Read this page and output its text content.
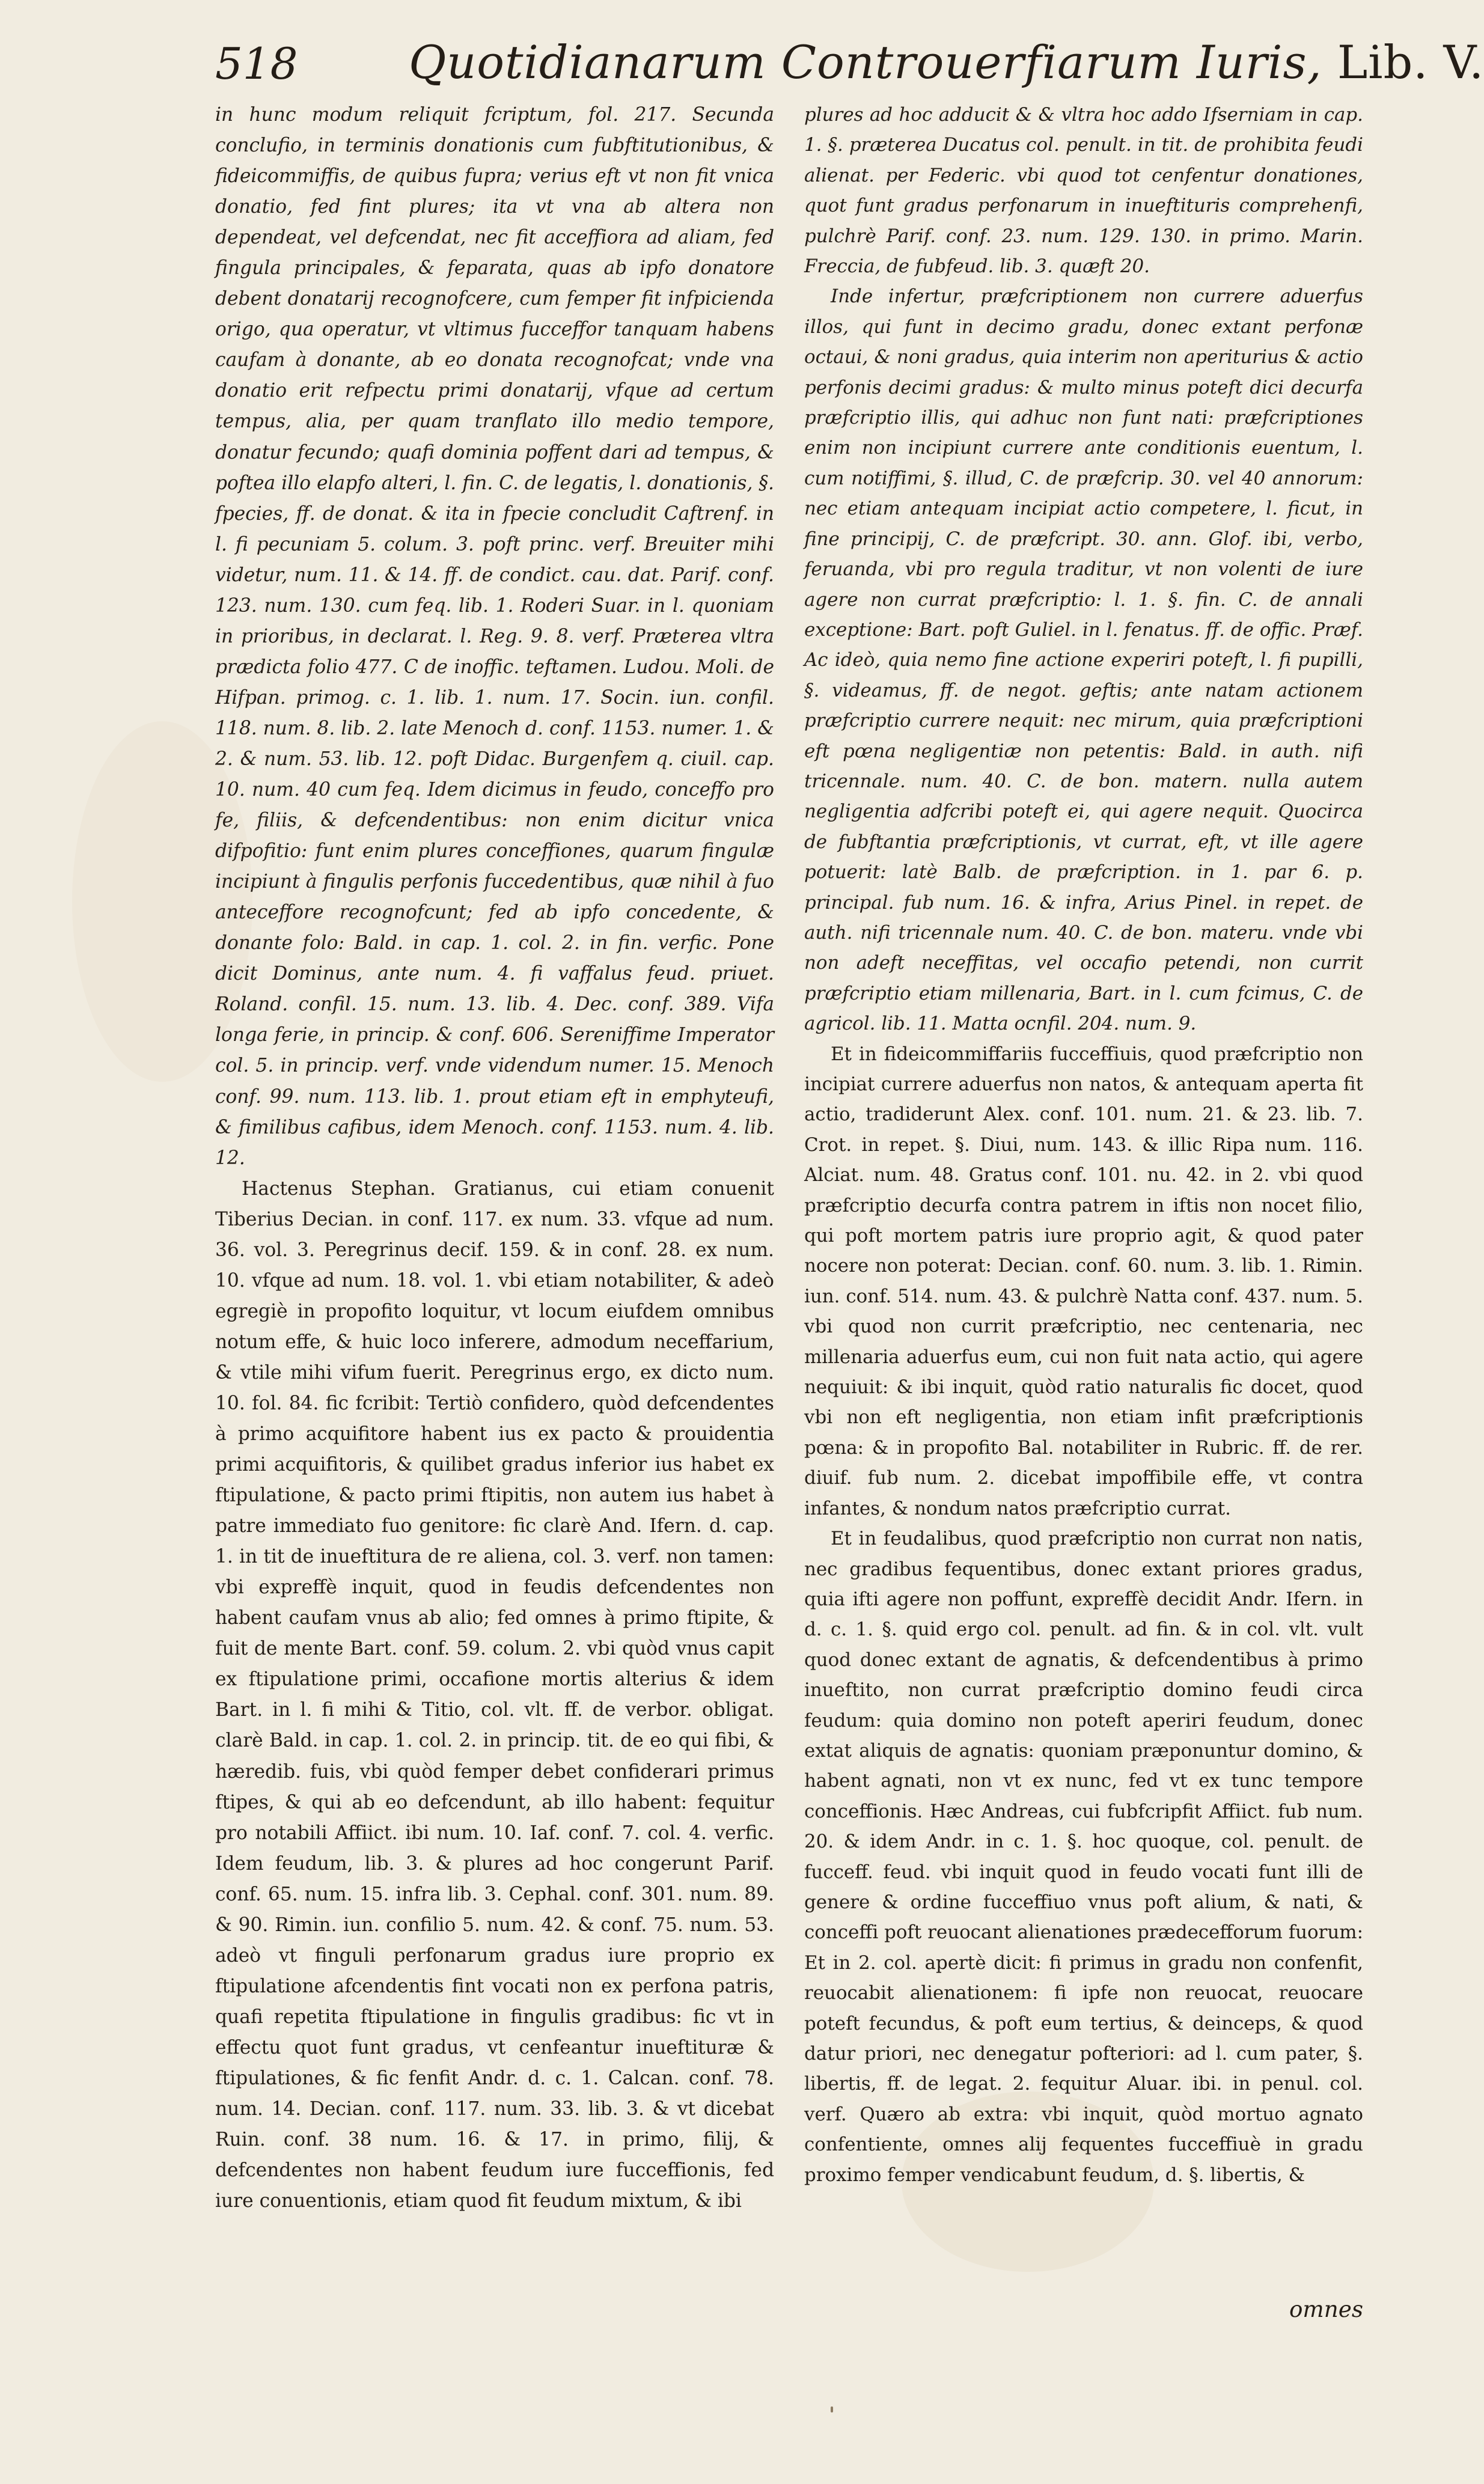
518 Quotidianarum Controuerfiarum Iuris, Lib. V.

in hunc modum reliquit fcriptum, fol. 217. Secunda conclufio, in terminis donationis cum fubftitutionibus, & fideicommiffis, de quibus fupra; verius eft vt non fit vnica donatio, fed fint plures; ita vt vna ab altera non dependeat, vel defcendat, nec fit acceffiora ad aliam, fed fingula principales, & feparata, quas ab ipfo donatore debent donatarij recognofcere, cum femper fit infpicienda origo, qua operatur, vt vltimus fucceffor tanquam habens caufam à donante, ab eo donata recognofcat; vnde vna donatio erit refpectu primi donatarij, vfque ad certum tempus, alia, per quam tranflato illo medio tempore, donatur fecundo; quafi dominia poffent dari ad tempus, & poftea illo elapfo alteri, l. fin. C. de legatis, l. donationis, §. fpecies, ff. de donat. & ita in fpecie concludit Caftrenf. in l. fi pecuniam 5. colum. 3. poft princ. verf. Breuiter mihi videtur, num. 11. & 14. ff. de condict. cau. dat. Parif. conf. 123. num. 130. cum feq. lib. 1. Roderi Suar. in l. quoniam in prioribus, in declarat. l. Reg. 9. 8. verf. Præterea vltra prædicta folio 477. C de inoffic. teftamen. Ludou. Moli. de Hifpan. primog. c. 1. lib. 1. num. 17. Socin. iun. confil. 118. num. 8. lib. 2. late Menoch d. conf. 1153. numer. 1. & 2. & num. 53. lib. 12. poft Didac. Burgenfem q. ciuil. cap. 10. num. 40 cum feq. Idem dicimus in feudo, conceffo pro fe, filiis, & defcendentibus: non enim dicitur vnica difpofitio: funt enim plures conceffiones, quarum fingulæ incipiunt à fingulis perfonis fuccedentibus, quæ nihil à fuo anteceffore recognofcunt; fed ab ipfo concedente, & donante folo: Bald. in cap. 1. col. 2. in fin. verfic. Pone dicit Dominus, ante num. 4. fi vaffalus feud. priuet. Roland. confil. 15. num. 13. lib. 4. Dec. conf. 389. Vifa longa ferie, in princip. & conf. 606. Sereniffime Imperator col. 5. in princip. verf. vnde videndum numer. 15. Menoch conf. 99. num. 113. lib. 1. prout etiam eft in emphyteufi, & fimilibus cafibus, idem Menoch. conf. 1153. num. 4. lib. 12.

Hactenus Stephan. Gratianus, cui etiam conuenit Tiberius Decian. in conf. 117. ex num. 33. vfque ad num. 36. vol. 3. Peregrinus decif. 159. & in conf. 28. ex num. 10. vfque ad num. 18. vol. 1. vbi etiam notabiliter, & adeò egregiè in propofito loquitur, vt locum eiufdem omnibus notum effe, & huic loco inferere, admodum neceffarium, & vtile mihi vifum fuerit. Peregrinus ergo, ex dicto num. 10. fol. 84. fic fcribit: Tertiò confidero, quòd defcendentes à primo acquifitore habent ius ex pacto & prouidentia primi acquifitoris, & quilibet gradus inferior ius habet ex ftipulatione, & pacto primi ftipitis, non autem ius habet à patre immediato fuo genitore: fic clarè And. Ifern. d. cap. 1. in tit de inueftitura de re aliena, col. 3. verf. non tamen: vbi expreffè inquit, quod in feudis defcendentes non habent caufam vnus ab alio; fed omnes à primo ftipite, & fuit de mente Bart. conf. 59. colum. 2. vbi quòd vnus capit ex ftipulatione primi, occafione mortis alterius & idem Bart. in l. fi mihi & Titio, col. vlt. ff. de verbor. obligat. clarè Bald. in cap. 1. col. 2. in princip. tit. de eo qui fibi, & hæredib. fuis, vbi quòd femper debet confiderari primus ftipes, & qui ab eo defcendunt, ab illo habent: fequitur pro notabili Affiict. ibi num. 10. Iaf. conf. 7. col. 4. verfic. Idem feudum, lib. 3. & plures ad hoc congerunt Parif. conf. 65. num. 15. infra lib. 3. Cephal. conf. 301. num. 89. & 90. Rimin. iun. confilio 5. num. 42. & conf. 75. num. 53. adeò vt finguli perfonarum gradus iure proprio ex ftipulatione afcendentis fint vocati non ex perfona patris, quafi repetita ftipulatione in fingulis gradibus: fic vt in effectu quot funt gradus, vt cenfeantur inueftituræ & ftipulationes, & fic fenfit Andr. d. c. 1. Calcan. conf. 78. num. 14. Decian. conf. 117. num. 33. lib. 3. & vt dicebat Ruin. conf. 38 num. 16. & 17. in primo, filij, & defcendentes non habent feudum iure fucceffionis, fed iure conuentionis, etiam quod fit feudum mixtum, & ibi

plures ad hoc adducit & & vltra hoc addo Ifserniam in cap. 1. §. præterea Ducatus col. penult. in tit. de prohibita feudi alienat. per Federic. vbi quod tot cenfentur donationes, quot funt gradus perfonarum in inueftituris comprehenfi, pulchrè Parif. conf. 23. num. 129. 130. in primo. Marin. Freccia, de fubfeud. lib. 3. quæft 20.

Inde infertur, præfcriptionem non currere aduerfus illos, qui funt in decimo gradu, donec extant perfonæ octaui, & noni gradus, quia interim non aperiturius & actio perfonis decimi gradus: & multo minus poteft dici decurfa præfcriptio illis, qui adhuc non funt nati: præfcriptiones enim non incipiunt currere ante conditionis euentum, l. cum notiffimi, §. illud, C. de præfcrip. 30. vel 40 annorum: nec etiam antequam incipiat actio competere, l. ficut, in fine principij, C. de præfcript. 30. ann. Glof. ibi, verbo, feruanda, vbi pro regula traditur, vt non volenti de iure agere non currat præfcriptio: l. 1. §. fin. C. de annali exceptione: Bart. poft Guliel. in l. fenatus. ff. de offic. Præf. Ac ideò, quia nemo fine actione experiri poteft, l. fi pupilli, §. videamus, ff. de negot. geftis; ante natam actionem præfcriptio currere nequit: nec mirum, quia præfcriptioni eft pœna negligentiæ non petentis: Bald. in auth. nifi tricennale. num. 40. C. de bon. matern. nulla autem negligentia adfcribi poteft ei, qui agere nequit. Quocirca de fubftantia præfcriptionis, vt currat, eft, vt ille agere potuerit: latè Balb. de præfcription. in 1. par 6. p. principal. fub num. 16. & infra, Arius Pinel. in repet. de auth. nifi tricennale num. 40. C. de bon. materu. vnde vbi non adeft neceffitas, vel occafio petendi, non currit præfcriptio etiam millenaria, Bart. in l. cum fcimus, C. de agricol. lib. 11. Matta ocnfil. 204. num. 9.

Et in fideicommiffariis fucceffiuis, quod præfcriptio non incipiat currere aduerfus non natos, & antequam aperta fit actio, tradiderunt Alex. conf. 101. num. 21. & 23. lib. 7. Crot. in repet. §. Diui, num. 143. & illic Ripa num. 116. Alciat. num. 48. Gratus conf. 101. nu. 42. in 2. vbi quod præfcriptio decurfa contra patrem in iftis non nocet filio, qui poft mortem patris iure proprio agit, & quod pater nocere non poterat: Decian. conf. 60. num. 3. lib. 1. Rimin. iun. conf. 514. num. 43. & pulchrè Natta conf. 437. num. 5. vbi quod non currit præfcriptio, nec centenaria, nec millenaria aduerfus eum, cui non fuit nata actio, qui agere nequiuit: & ibi inquit, quòd ratio naturalis fic docet, quod vbi non eft negligentia, non etiam infit præfcriptionis pœna: & in propofito Bal. notabiliter in Rubric. ff. de rer. diuif. fub num. 2. dicebat impoffibile effe, vt contra infantes, & nondum natos præfcriptio currat.

Et in feudalibus, quod præfcriptio non currat non natis, nec gradibus fequentibus, donec extant priores gradus, quia ifti agere non poffunt, expreffè decidit Andr. Ifern. in d. c. 1. §. quid ergo col. penult. ad fin. & in col. vlt. vult quod donec extant de agnatis, & defcendentibus à primo inueftito, non currat præfcriptio domino feudi circa feudum: quia domino non poteft aperiri feudum, donec extat aliquis de agnatis: quoniam præponuntur domino, & habent agnati, non vt ex nunc, fed vt ex tunc tempore conceffionis. Hæc Andreas, cui fubfcripfit Affiict. fub num. 20. & idem Andr. in c. 1. §. hoc quoque, col. penult. de fucceff. feud. vbi inquit quod in feudo vocati funt illi de genere & ordine fucceffiuo vnus poft alium, & nati, & conceffi poft reuocant alienationes prædecefforum fuorum: Et in 2. col. apertè dicit: fi primus in gradu non confenfit, reuocabit alienationem: fi ipfe non reuocat, reuocare poteft fecundus, & poft eum tertius, & deinceps, & quod datur priori, nec denegatur pofteriori: ad l. cum pater, §. libertis, ff. de legat. 2. fequitur Aluar. ibi. in penul. col. verf. Quæro ab extra: vbi inquit, quòd mortuo agnato confentiente, omnes alij fequentes fucceffiuè in gradu proximo femper vendicabunt feudum, d. §. libertis, &

omnes
